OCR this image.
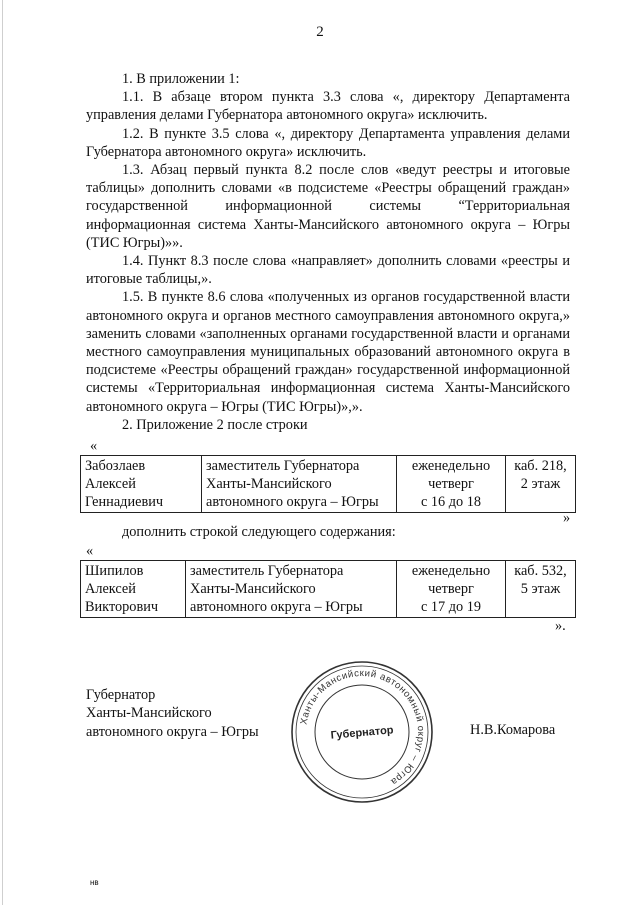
2

1. В приложении 1:

1.1. В абзаце втором пункта 3.3 слова «, директору Департамента управления делами Губернатора автономного округа» исключить.

1.2. В пункте 3.5 слова «, директору Департамента управления делами Губернатора автономного округа» исключить.

1.3. Абзац первый пункта 8.2 после слов «ведут реестры и итоговые таблицы» дополнить словами «в подсистеме «Реестры обращений граждан» государственной информационной системы “Территориальная информационная система Ханты-Мансийского автономного округа – Югры (ТИС Югры)»».

1.4. Пункт 8.3 после слова «направляет» дополнить словами «реестры и итоговые таблицы,».

1.5. В пункте 8.6 слова «полученных из органов государственной власти автономного округа и органов местного самоуправления автономного округа,» заменить словами «заполненных органами государственной власти и органами местного самоуправления муниципальных образований автономного округа в подсистеме «Реестры обращений граждан» государственной информационной системы «Территориальная информационная система Ханты-Мансийского автономного округа – Югры (ТИС Югры)»,».

2. Приложение 2 после строки

«
Забозлаев
Алексей
Геннадиевич

заместитель Губернатора
Ханты-Мансийского
автономного округа – Югры

еженедельно
четверг
с 16 до 18

каб. 218,
2 этаж
»
дополнить строкой следующего содержания:
«
Шипилов
Алексей
Викторович

заместитель Губернатора
Ханты-Мансийского
автономного округа – Югры

еженедельно
четверг
с 17 до 19

каб. 532,
5 этаж
».
Губернатор
Ханты-Мансийского
автономного округа – Югры
Ханты-Мансийский автономный округ – Югра
Губернатор	Н.В.Комарова
нв
